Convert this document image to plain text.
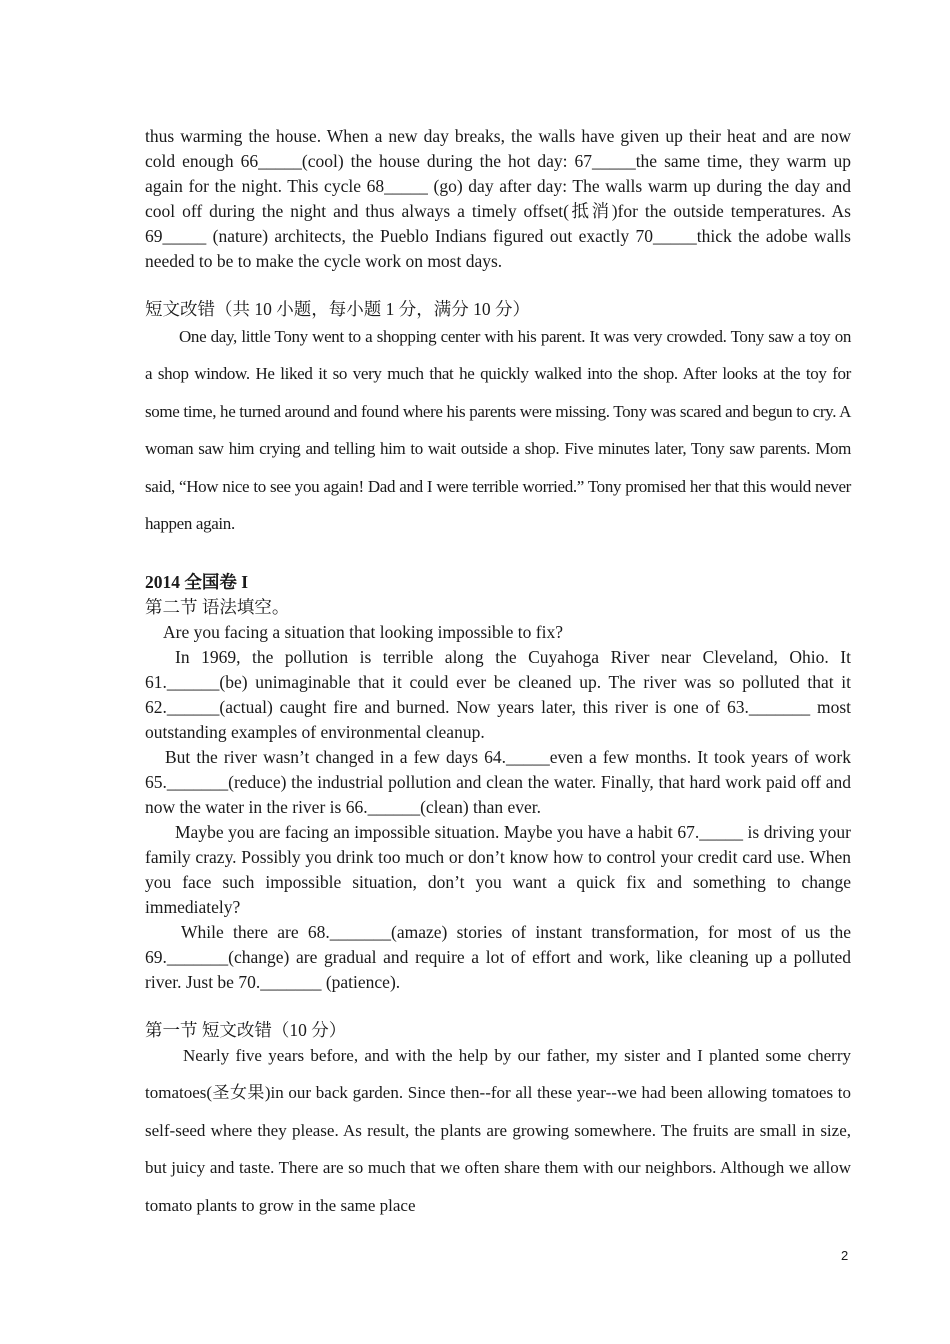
thus warming the house. When a new day breaks, the walls have given up their heat and are now cold enough 66_____(cool) the house during the hot day: 67_____the same time, they warm up again for the night. This cycle 68_____ (go) day after day: The walls warm up during the day and cool off during the night and thus always a timely offset(抵消)for the outside temperatures. As 69_____ (nature) architects, the Pueblo Indians figured out exactly 70_____thick the adobe walls needed to be to make the cycle work on most days.

短文改错（共 10 小题，每小题 1 分，满分 10 分）

One day, little Tony went to a shopping center with his parent. It was very crowded. Tony saw a toy on a shop window. He liked it so very much that he quickly walked into the shop. After looks at the toy for some time, he turned around and found where his parents were missing. Tony was scared and begun to cry. A woman saw him crying and telling him to wait outside a shop. Five minutes later, Tony saw parents. Mom said, “How nice to see you again! Dad and I were terrible worried.” Tony promised her that this would never happen again.

2014 全国卷 I

第二节 语法填空。

Are you facing a situation that looking impossible to fix?

In 1969, the pollution is terrible along the Cuyahoga River near Cleveland, Ohio. It 61.______(be) unimaginable that it could ever be cleaned up. The river was so polluted that it 62.______(actual) caught fire and burned. Now years later, this river is one of 63._______ most outstanding examples of environmental cleanup.

But the river wasn’t changed in a few days 64._____even a few months. It took years of work 65._______(reduce) the industrial pollution and clean the water. Finally, that hard work paid off and now the water in the river is 66.______(clean) than ever.

Maybe you are facing an impossible situation. Maybe you have a habit 67._____ is driving your family crazy. Possibly you drink too much or don’t know how to control your credit card use. When you face such impossible situation, don’t you want a quick fix and something to change immediately?

While there are 68._______(amaze) stories of instant transformation, for most of us the 69._______(change) are gradual and require a lot of effort and work, like cleaning up a polluted river. Just be 70._______ (patience).

第一节 短文改错（10 分）

Nearly five years before, and with the help by our father, my sister and I planted some cherry tomatoes(圣女果)in our back garden. Since then--for all these year--we had been allowing tomatoes to self-seed where they please. As result, the plants are growing somewhere. The fruits are small in size, but juicy and taste. There are so much that we often share them with our neighbors. Although we allow tomato plants to grow in the same place

2
